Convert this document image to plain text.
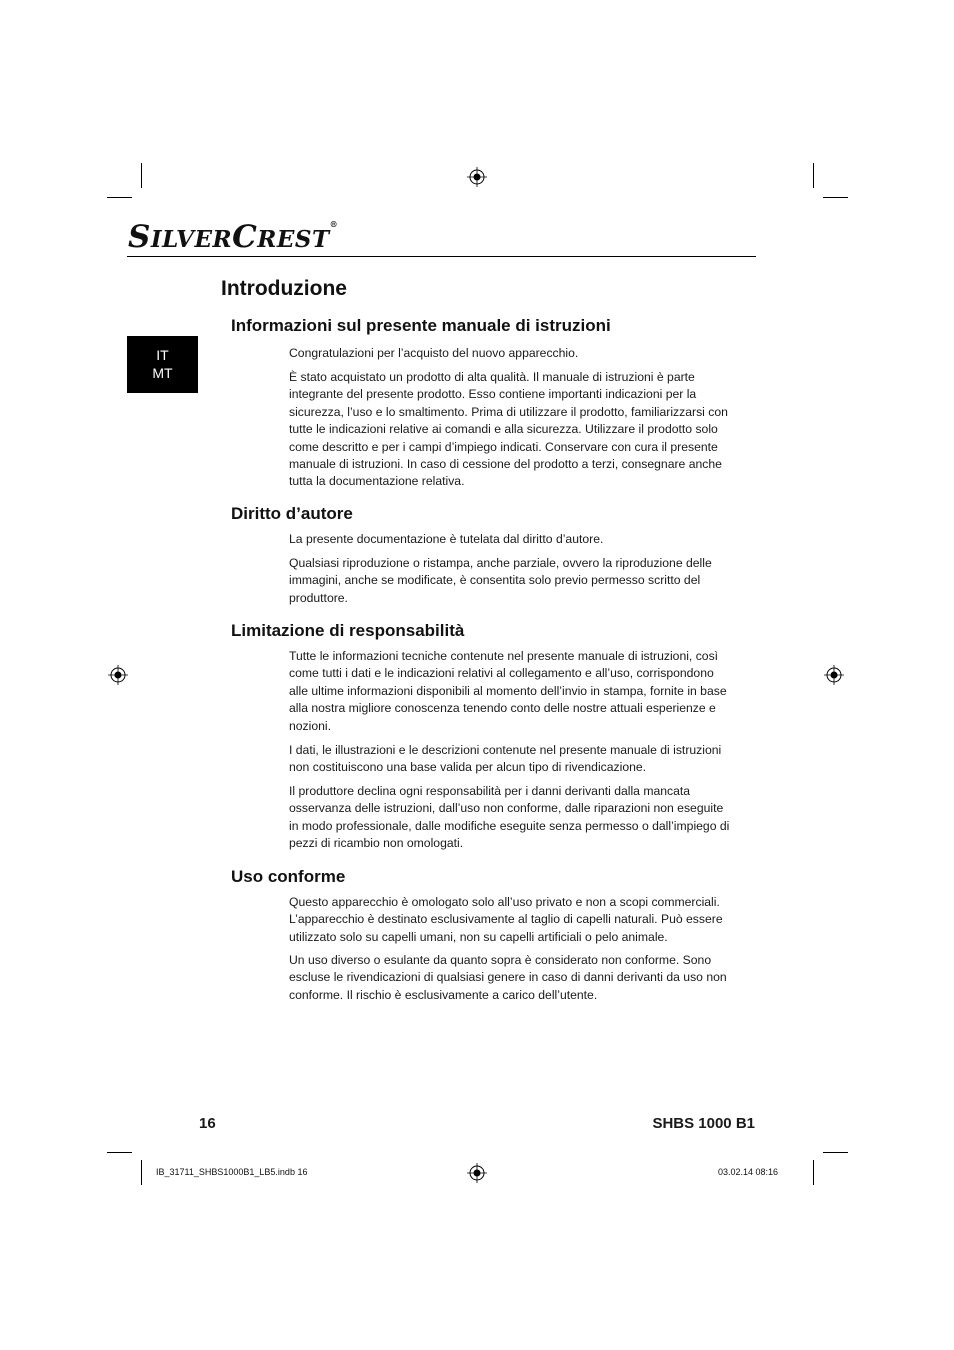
SILVERCREST®
IT
MT
Introduzione
Informazioni sul presente manuale di istruzioni

Congratulazioni per l’acquisto del nuovo apparecchio.

È stato acquistato un prodotto di alta qualità. Il manuale di istruzioni è parte integrante del presente prodotto. Esso contiene importanti indicazioni per la sicurezza, l’uso e lo smaltimento. Prima di utilizzare il prodotto, familiarizzarsi con tutte le indicazioni relative ai comandi e alla sicurezza. Utilizzare il prodotto solo come descritto e per i campi d’impiego indicati. Conservare con cura il presente manuale di istruzioni. In caso di cessione del prodotto a terzi, consegnare anche tutta la documentazione relativa.

Diritto d’autore

La presente documentazione è tutelata dal diritto d’autore.

Qualsiasi riproduzione o ristampa, anche parziale, ovvero la riproduzione delle immagini, anche se modificate, è consentita solo previo permesso scritto del produttore.

Limitazione di responsabilità

Tutte le informazioni tecniche contenute nel presente manuale di istruzioni, così come tutti i dati e le indicazioni relativi al collegamento e all’uso, corrispondono alle ultime informazioni disponibili al momento dell’invio in stampa, fornite in base alla nostra migliore conoscenza tenendo conto delle nostre attuali esperienze e nozioni.

I dati, le illustrazioni e le descrizioni contenute nel presente manuale di istruzioni non costituiscono una base valida per alcun tipo di rivendicazione.

Il produttore declina ogni responsabilità per i danni derivanti dalla mancata osservanza delle istruzioni, dall’uso non conforme, dalle riparazioni non eseguite in modo professionale, dalle modifiche eseguite senza permesso o dall’impiego di pezzi di ricambio non omologati.

Uso conforme

Questo apparecchio è omologato solo all’uso privato e non a scopi commerciali. L’apparecchio è destinato esclusivamente al taglio di capelli naturali. Può essere utilizzato solo su capelli umani, non su capelli artificiali o pelo animale.

Un uso diverso o esulante da quanto sopra è considerato non conforme. Sono escluse le rivendicazioni di qualsiasi genere in caso di danni derivanti da uso non conforme. Il rischio è esclusivamente a carico dell’utente.

16	SHBS 1000 B1
IB_31711_SHBS1000B1_LB5.indb 16	03.02.14 08:16
